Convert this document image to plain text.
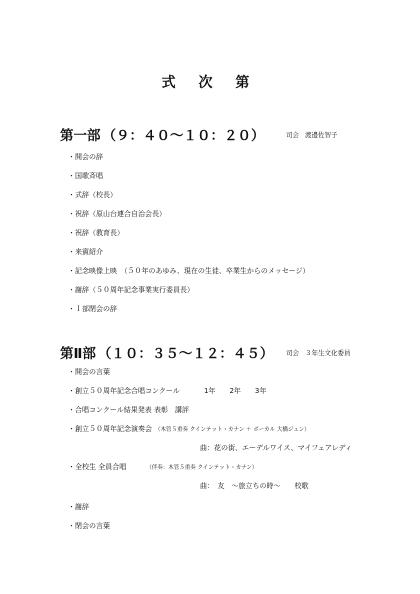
式 次 第
第一部 （９：４０～１０：２０）	司会 渡邊佐智子
・開会の辞
・国歌斉唱
・式辞（校長）
・祝辞（原山台連合自治会長）
・祝辞（教育長）
・来賓紹介
・記念映像上映　（５０年のあゆみ、現在の生徒、卒業生からのメッセージ）
・謝辞（５０周年記念事業実行委員長）
・Ｉ部閉会の辞
第Ⅱ部 （１０：３５～１２：４５） 司会 ３年生文化委員
・開会の言葉
・創立５０周年記念合唱コンクール	1年 2年 3年
・合唱コンクール結果発表 表彰　講評
・創立５０周年記念演奏会 （木管５重奏 クインテット・カナン ＋ ボーカル 大橋ジュン）
曲：花の街、エーデルワイス、マイフェアレディ
・全校生 全員合唱	（伴奏：木管５重奏 クインテット・カナン）
曲：　友　～旅立ちの時～　　校歌
・謝辞
・閉会の言葉
